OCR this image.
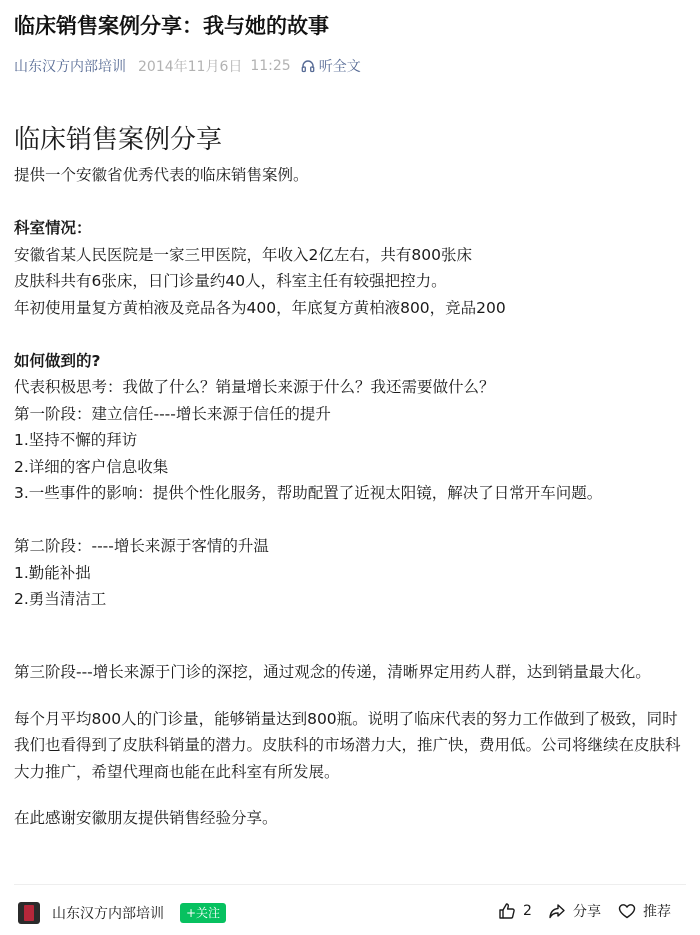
临床销售案例分享：我与她的故事
山东汉方内部培训 2014年11月6日 11:25 听全文

临床销售案例分享

提供一个安徽省优秀代表的临床销售案例。

科室情况：

安徽省某人民医院是一家三甲医院，年收入2亿左右，共有800张床

皮肤科共有6张床，日门诊量约40人，科室主任有较强把控力。

年初使用量复方黄柏液及竞品各为400，年底复方黄柏液800，竞品200

如何做到的?

代表积极思考：我做了什么？销量增长来源于什么？我还需要做什么？

第一阶段：建立信任----增长来源于信任的提升

1.坚持不懈的拜访

2.详细的客户信息收集

3.一些事件的影响：提供个性化服务，帮助配置了近视太阳镜，解决了日常开车问题。

第二阶段：----增长来源于客情的升温

1.勤能补拙

2.勇当清洁工

第三阶段---增长来源于门诊的深挖，通过观念的传递，清晰界定用药人群，达到销量最大化。

每个月平均800人的门诊量，能够销量达到800瓶。说明了临床代表的努力工作做到了极致，同时我们也看得到了皮肤科销量的潜力。皮肤科的市场潜力大，推广快，费用低。公司将继续在皮肤科大力推广，希望代理商也能在此科室有所发展。

在此感谢安徽朋友提供销售经验分享。

山东汉方内部培训	+关注	2	分享	推荐
